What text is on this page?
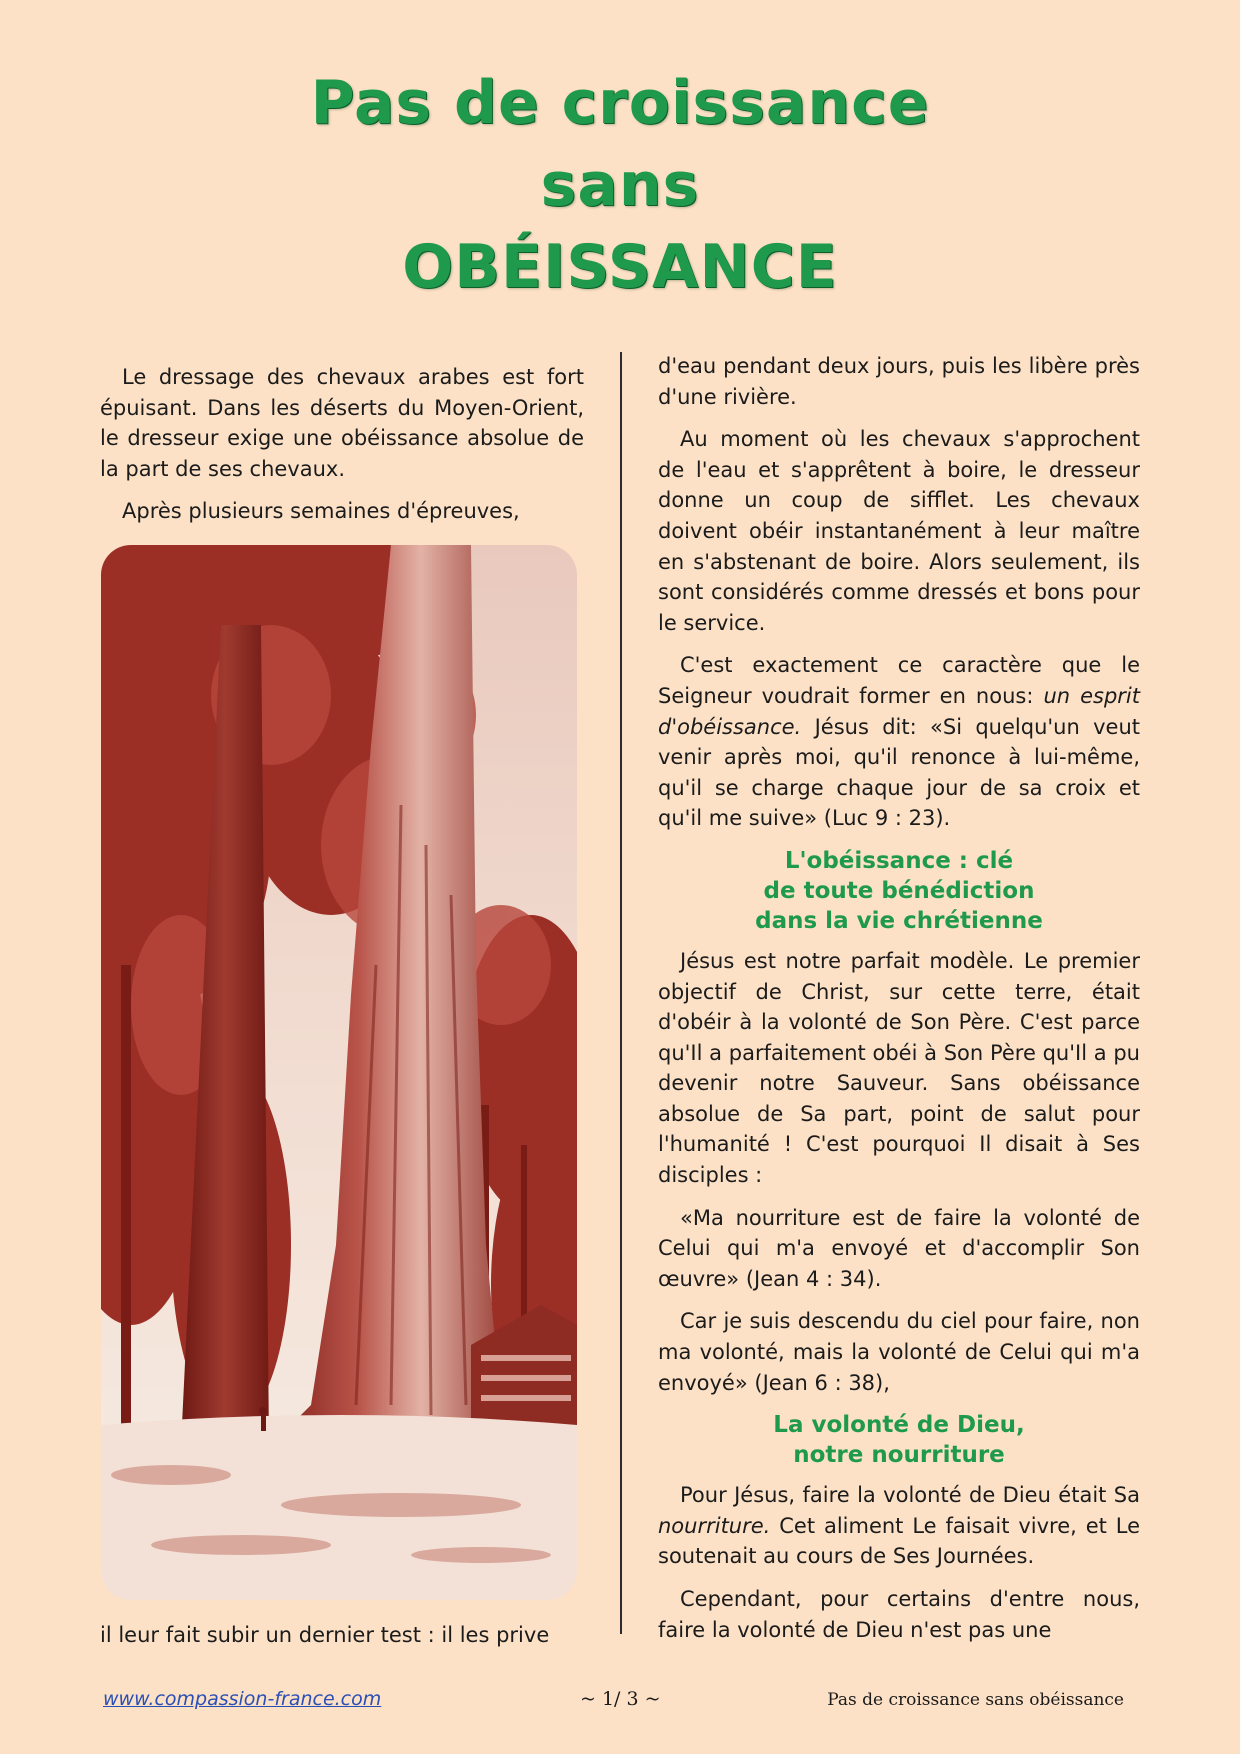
Pas de croissance
sans
OBÉISSANCE

Le dressage des chevaux arabes est fort épuisant. Dans les déserts du Moyen-Orient, le dresseur exige une obéissance absolue de la part de ses chevaux.

Après plusieurs semaines d'épreuves,

il leur fait subir un dernier test : il les prive

d'eau pendant deux jours, puis les libère près d'une rivière.

Au moment où les chevaux s'approchent de l'eau et s'apprêtent à boire, le dresseur donne un coup de sifflet. Les chevaux doivent obéir instantanément à leur maître en s'abstenant de boire. Alors seulement, ils sont considérés comme dressés et bons pour le service.

C'est exactement ce caractère que le Seigneur voudrait former en nous: un esprit d'obéissance. Jésus dit: «Si quelqu'un veut venir après moi, qu'il renonce à lui-même, qu'il se charge chaque jour de sa croix et qu'il me suive» (Luc 9 : 23).

L'obéissance : clé
de toute bénédiction
dans la vie chrétienne

Jésus est notre parfait modèle. Le premier objectif de Christ, sur cette terre, était d'obéir à la volonté de Son Père. C'est parce qu'Il a parfaitement obéi à Son Père qu'Il a pu devenir notre Sauveur. Sans obéissance absolue de Sa part, point de salut pour l'humanité ! C'est pourquoi Il disait à Ses disciples :

«Ma nourriture est de faire la volonté de Celui qui m'a envoyé et d'accomplir Son œuvre» (Jean 4 : 34).

Car je suis descendu du ciel pour faire, non ma volonté, mais la volonté de Celui qui m'a envoyé» (Jean 6 : 38),

La volonté de Dieu,
notre nourriture

Pour Jésus, faire la volonté de Dieu était Sa nourriture. Cet aliment Le faisait vivre, et Le soutenait au cours de Ses Journées.

Cependant, pour certains d'entre nous, faire la volonté de Dieu n'est pas une

www.compassion-france.com	~ 1/ 3 ~	Pas de croissance sans obéissance
